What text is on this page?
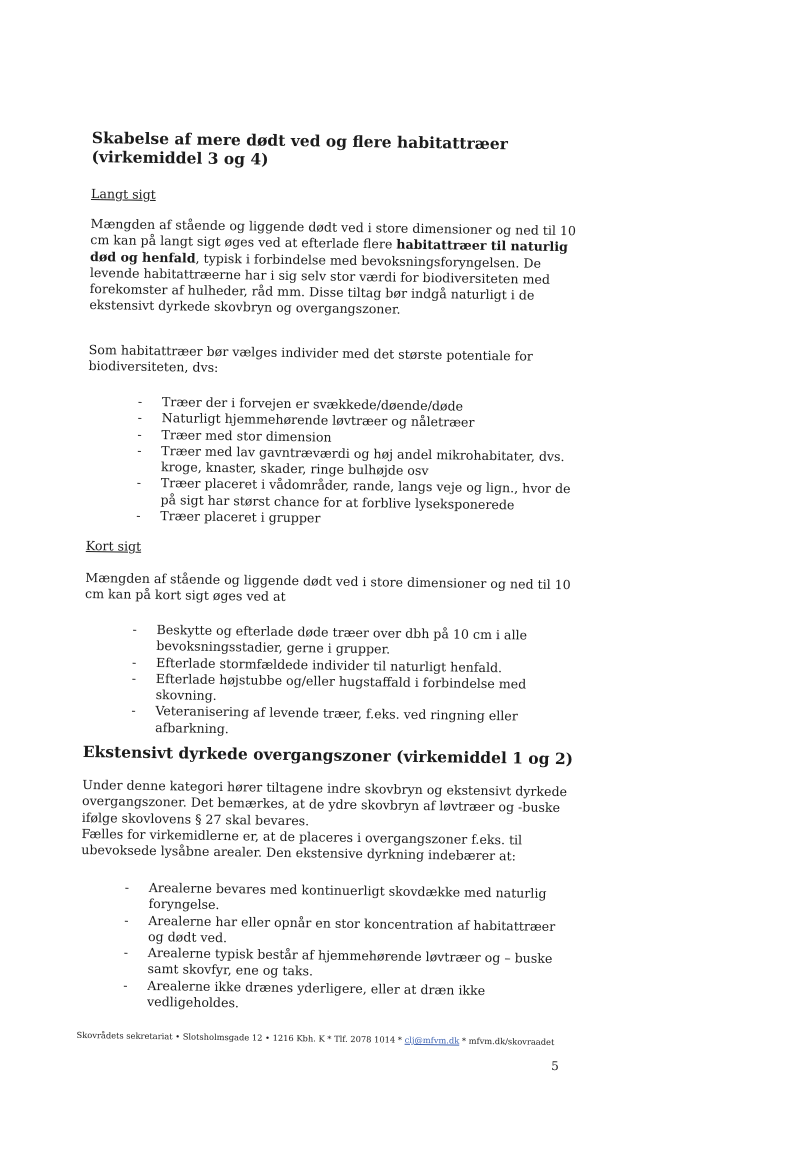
Skabelse af mere dødt ved og flere habitattræer (virkemiddel 3 og 4)
Langt sigt

Mængden af stående og liggende dødt ved i store dimensioner og ned til 10 cm kan på langt sigt øges ved at efterlade flere habitattræer til naturlig død og henfald, typisk i forbindelse med bevoksningsforyngelsen. De levende habitattræerne har i sig selv stor værdi for biodiversiteten med forekomster af hulheder, råd mm. Disse tiltag bør indgå naturligt i de ekstensivt dyrkede skovbryn og overgangszoner.

Som habitattræer bør vælges individer med det største potentiale for biodiversiteten, dvs:

- Træer der i forvejen er svækkede/døende/døde
- Naturligt hjemmehørende løvtræer og nåletræer
- Træer med stor dimension
- Træer med lav gavntræværdi og høj andel mikrohabitater, dvs. kroge, knaster, skader, ringe bulhøjde osv
- Træer placeret i vådområder, rande, langs veje og lign., hvor de på sigt har størst chance for at forblive lyseksponerede
- Træer placeret i grupper
Kort sigt

Mængden af stående og liggende dødt ved i store dimensioner og ned til 10 cm kan på kort sigt øges ved at

- Beskytte og efterlade døde træer over dbh på 10 cm i alle bevoksningsstadier, gerne i grupper.
- Efterlade stormfældede individer til naturligt henfald.
- Efterlade højstubbe og/eller hugstaffald i forbindelse med skovning.
- Veteranisering af levende træer, f.eks. ved ringning eller afbarkning.
Ekstensivt dyrkede overgangszoner (virkemiddel 1 og 2)

Under denne kategori hører tiltagene indre skovbryn og ekstensivt dyrkede overgangszoner. Det bemærkes, at de ydre skovbryn af løvtræer og -buske ifølge skovlovens § 27 skal bevares.

Fælles for virkemidlerne er, at de placeres i overgangszoner f.eks. til ubevoksede lysåbne arealer. Den ekstensive dyrkning indebærer at:

- Arealerne bevares med kontinuerligt skovdække med naturlig foryngelse.
- Arealerne har eller opnår en stor koncentration af habitattræer og dødt ved.
- Arealerne typisk består af hjemmehørende løvtræer og – buske samt skovfyr, ene og taks.
- Arealerne ikke drænes yderligere, eller at dræn ikke vedligeholdes.
Skovrådets sekretariat • Slotsholmsgade 12 • 1216 Kbh. K * Tlf. 2078 1014 * clj@mfvm.dk * mfvm.dk/skovraadet
5
